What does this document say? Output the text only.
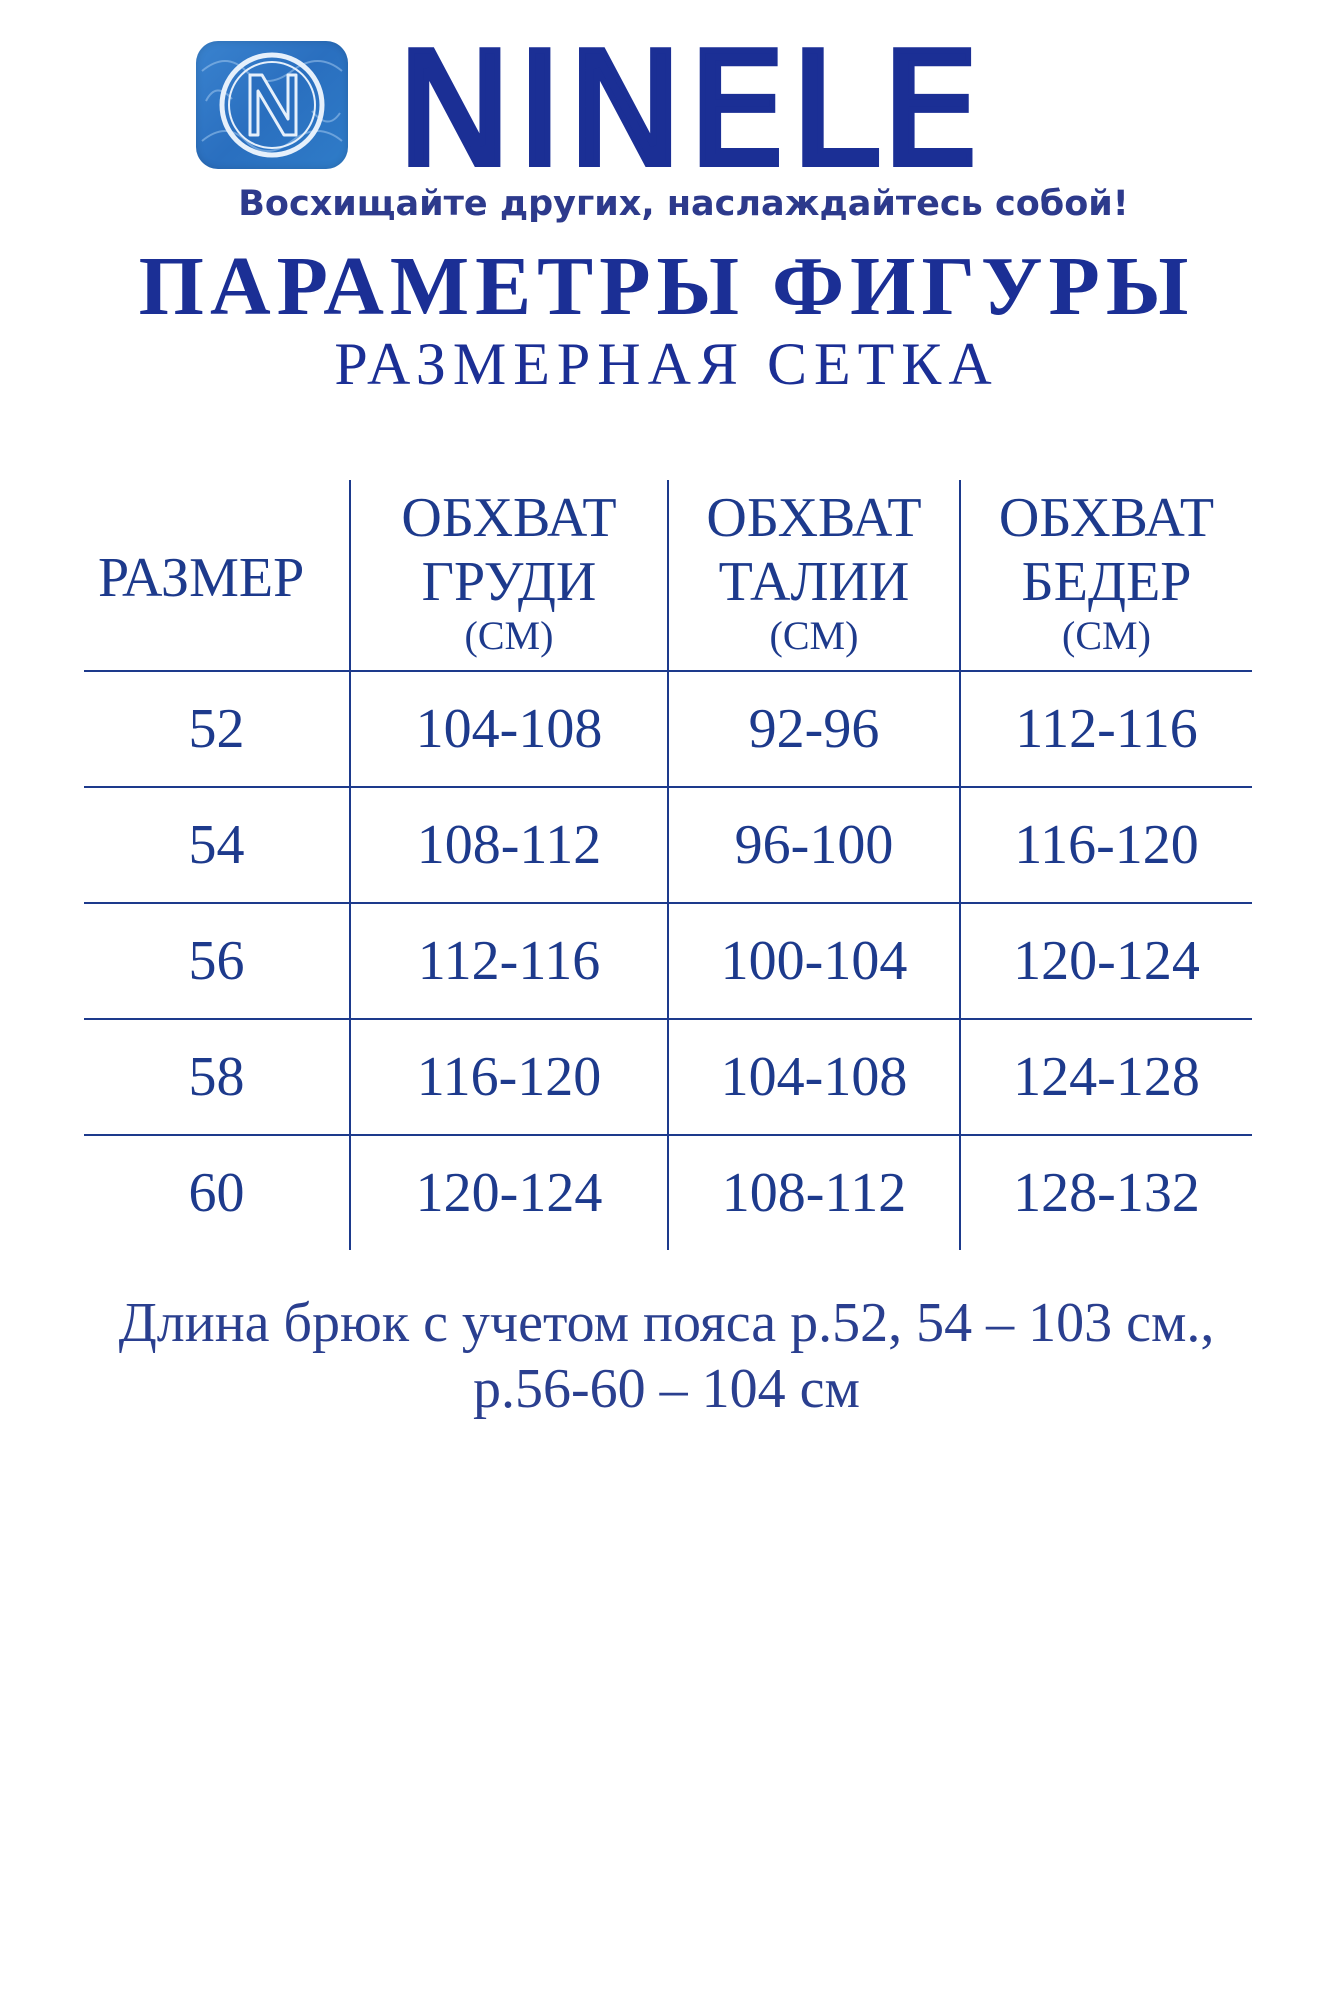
NINELE
Восхищайте других, наслаждайтесь собой!
ПАРАМЕТРЫ ФИГУРЫ
РАЗМЕРНАЯ СЕТКА
РАЗМЕР	ОБХВАТ
ГРУДИ
(СМ)	ОБХВАТ
ТАЛИИ
(СМ)	ОБХВАТ
БЕДЕР
(СМ)

52	104-108	92-96	112-116
54	108-112	96-100	116-120
56	112-116	100-104	120-124
58	116-120	104-108	124-128
60	120-124	108-112	128-132
Длина брюк с учетом пояса р.52, 54 – 103 см.,
р.56-60 – 104 см
